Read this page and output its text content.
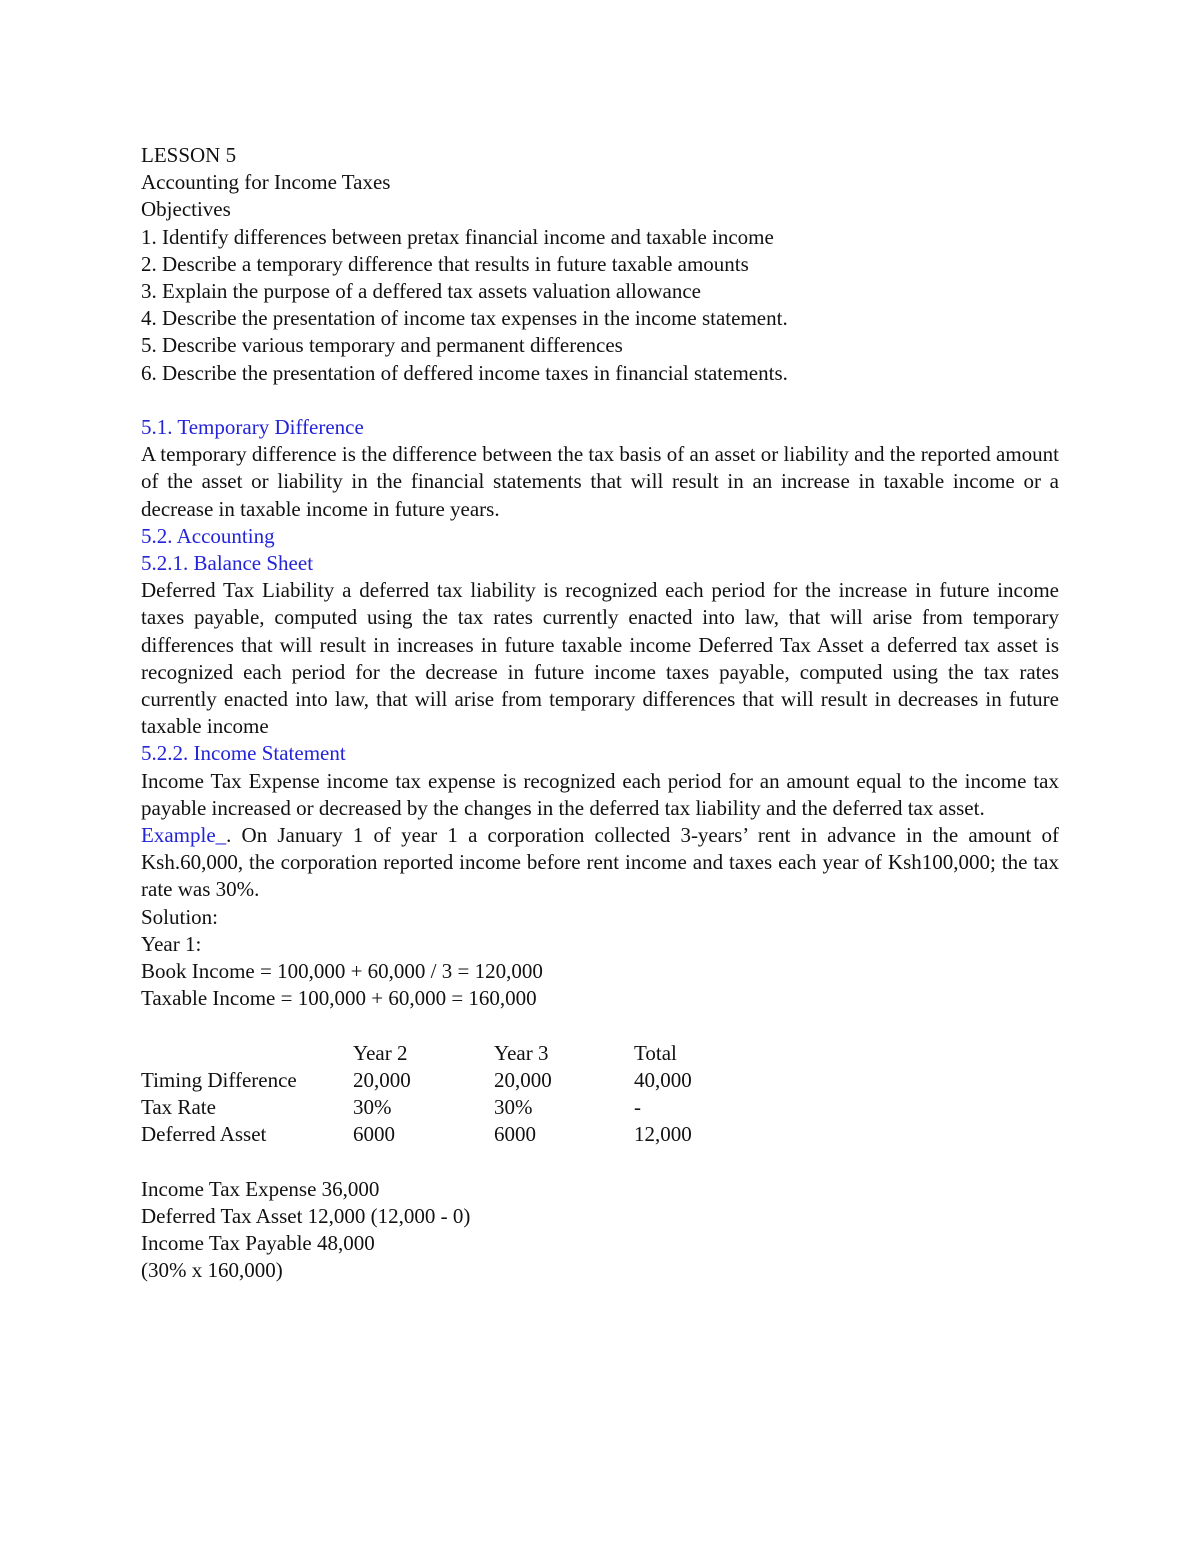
LESSON 5
Accounting for Income Taxes
Objectives
1. Identify differences between pretax financial income and taxable income
2. Describe a temporary difference that results in future taxable amounts
3. Explain the purpose of a deffered tax assets valuation allowance
4. Describe the presentation of income tax expenses in the income statement.
5. Describe various temporary and permanent differences
6. Describe the presentation of deffered income taxes in financial statements.
5.1. Temporary Difference

A temporary difference is the difference between the tax basis of an asset or liability and the reported amount of the asset or liability in the financial statements that will result in an increase in taxable income or a decrease in taxable income in future years.

5.2. Accounting
5.2.1. Balance Sheet

Deferred Tax Liability a deferred tax liability is recognized each period for the increase in future income taxes payable, computed using the tax rates currently enacted into law, that will arise from temporary differences that will result in increases in future taxable income Deferred Tax Asset a deferred tax asset is recognized each period for the decrease in future income taxes payable, computed using the tax rates currently enacted into law, that will arise from temporary differences that will result in decreases in future taxable income

5.2.2. Income Statement

Income Tax Expense income tax expense is recognized each period for an amount equal to the income tax payable increased or decreased by the changes in the deferred tax liability and the deferred tax asset.

Example_. On January 1 of year 1 a corporation collected 3-years’ rent in advance in the amount of Ksh.60,000, the corporation reported income before rent income and taxes each year of Ksh100,000; the tax rate was 30%.

Solution:
Year 1:
Book Income = 100,000 + 60,000 / 3 = 120,000
Taxable Income = 100,000 + 60,000 = 160,000
	Year 2	Year 3	Total
Timing Difference	20,000	20,000	40,000
Tax Rate	30%	30%	-
Deferred Asset	6000	6000	12,000
Income Tax Expense 36,000
Deferred Tax Asset 12,000 (12,000 - 0)
Income Tax Payable 48,000
(30% x 160,000)
